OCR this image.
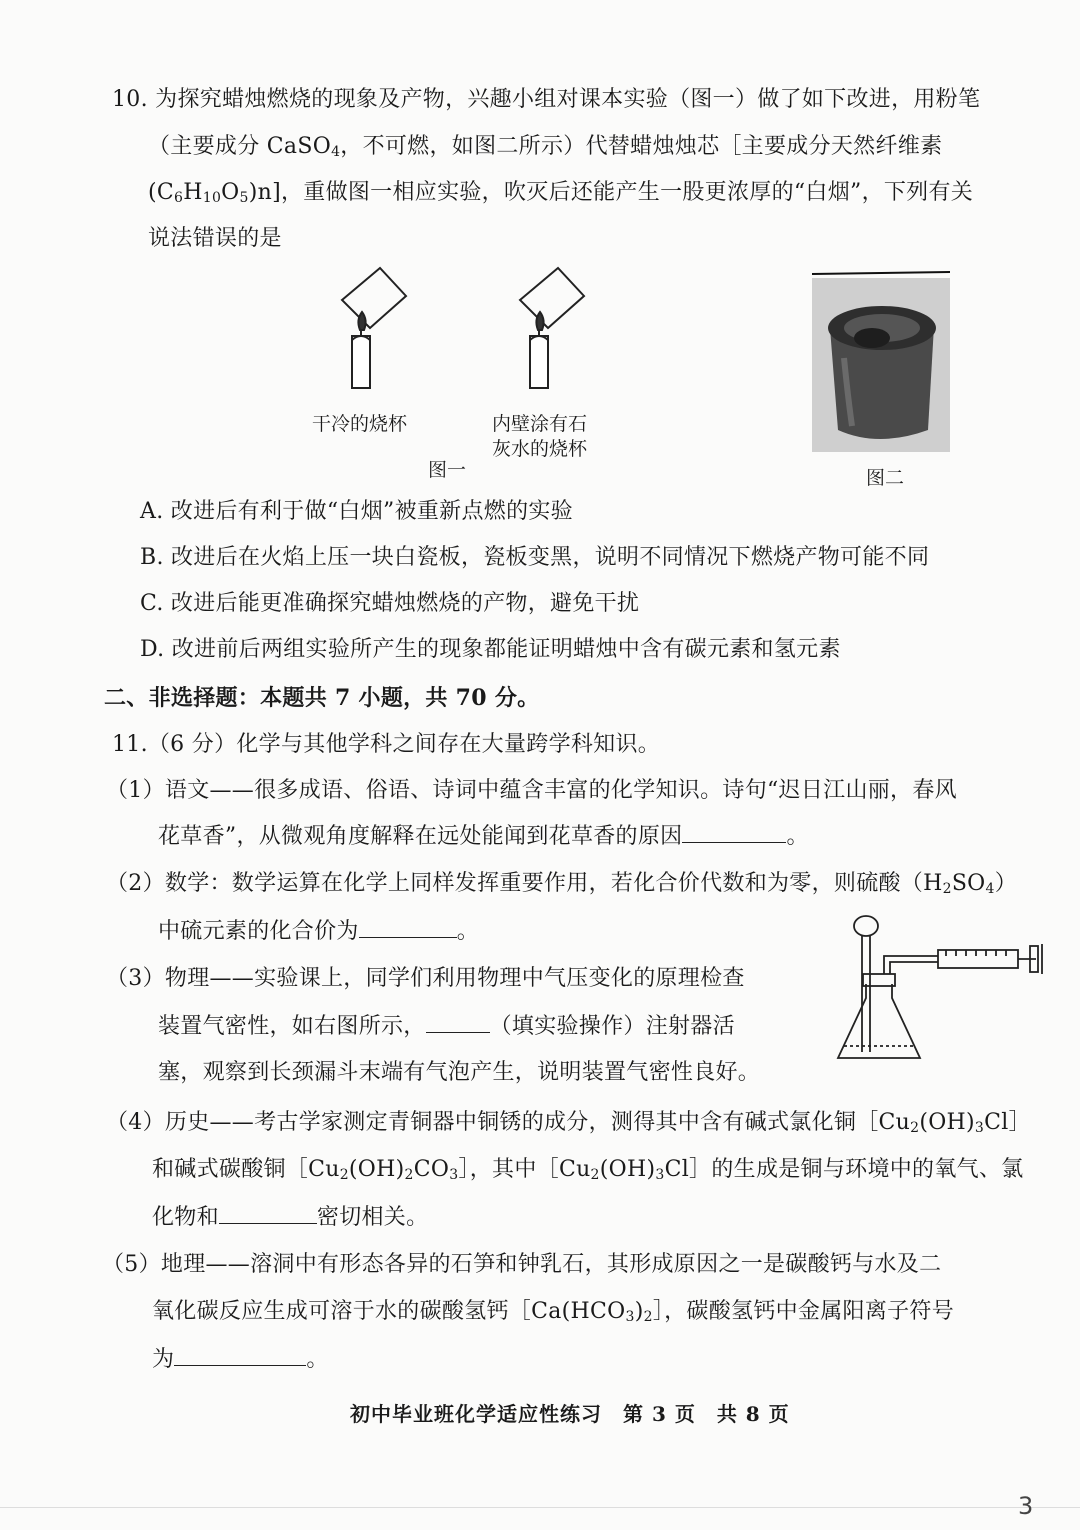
10. 为探究蜡烛燃烧的现象及产物，兴趣小组对课本实验（图一）做了如下改进，用粉笔
（主要成分 CaSO$_4$，不可燃，如图二所示）代替蜡烛烛芯［主要成分天然纤维素
$(C_6H_{10}O_5)n$]，重做图一相应实验，吹灭后还能产生一股更浓厚的“白烟”，下列有关
说法错误的是
干冷的烧杯	内壁涂有石
灰水的烧杯
图一	图二
A. 改进后有利于做“白烟”被重新点燃的实验
B. 改进后在火焰上压一块白瓷板，瓷板变黑，说明不同情况下燃烧产物可能不同
C. 改进后能更准确探究蜡烛燃烧的产物，避免干扰
D. 改进前后两组实验所产生的现象都能证明蜡烛中含有碳元素和氢元素
二、非选择题：本题共 7 小题，共 70 分。
11.（6 分）化学与其他学科之间存在大量跨学科知识。
（1）语文——很多成语、俗语、诗词中蕴含丰富的化学知识。诗句“迟日江山丽，春风
花草香”，从微观角度解释在远处能闻到花草香的原因	。
（2）数学：数学运算在化学上同样发挥重要作用，若化合价代数和为零，则硫酸$(H_2SO_4)$
中硫元素的化合价为	。
（3）物理——实验课上，同学们利用物理中气压变化的原理检查
装置气密性，如右图所示，	（填实验操作）注射器活
塞，观察到长颈漏斗末端有气泡产生，说明装置气密性良好。
（4）历史——考古学家测定青铜器中铜锈的成分，测得其中含有碱式氯化铜$[Cu_2(OH)_3Cl]$
和碱式碳酸铜$[Cu_2(OH)_2CO_3]$，其中$[Cu_2(OH)_3Cl]$的生成是铜与环境中的氧气、氯
化物和	密切相关。
（5）地理——溶洞中有形态各异的石笋和钟乳石，其形成原因之一是碳酸钙与水及二
氧化碳反应生成可溶于水的碳酸氢钙$[Ca(HCO_3)_2]$，碳酸氢钙中金属阳离子符号
为	。
初中毕业班化学适应性练习　第 3 页　共 8 页
3
